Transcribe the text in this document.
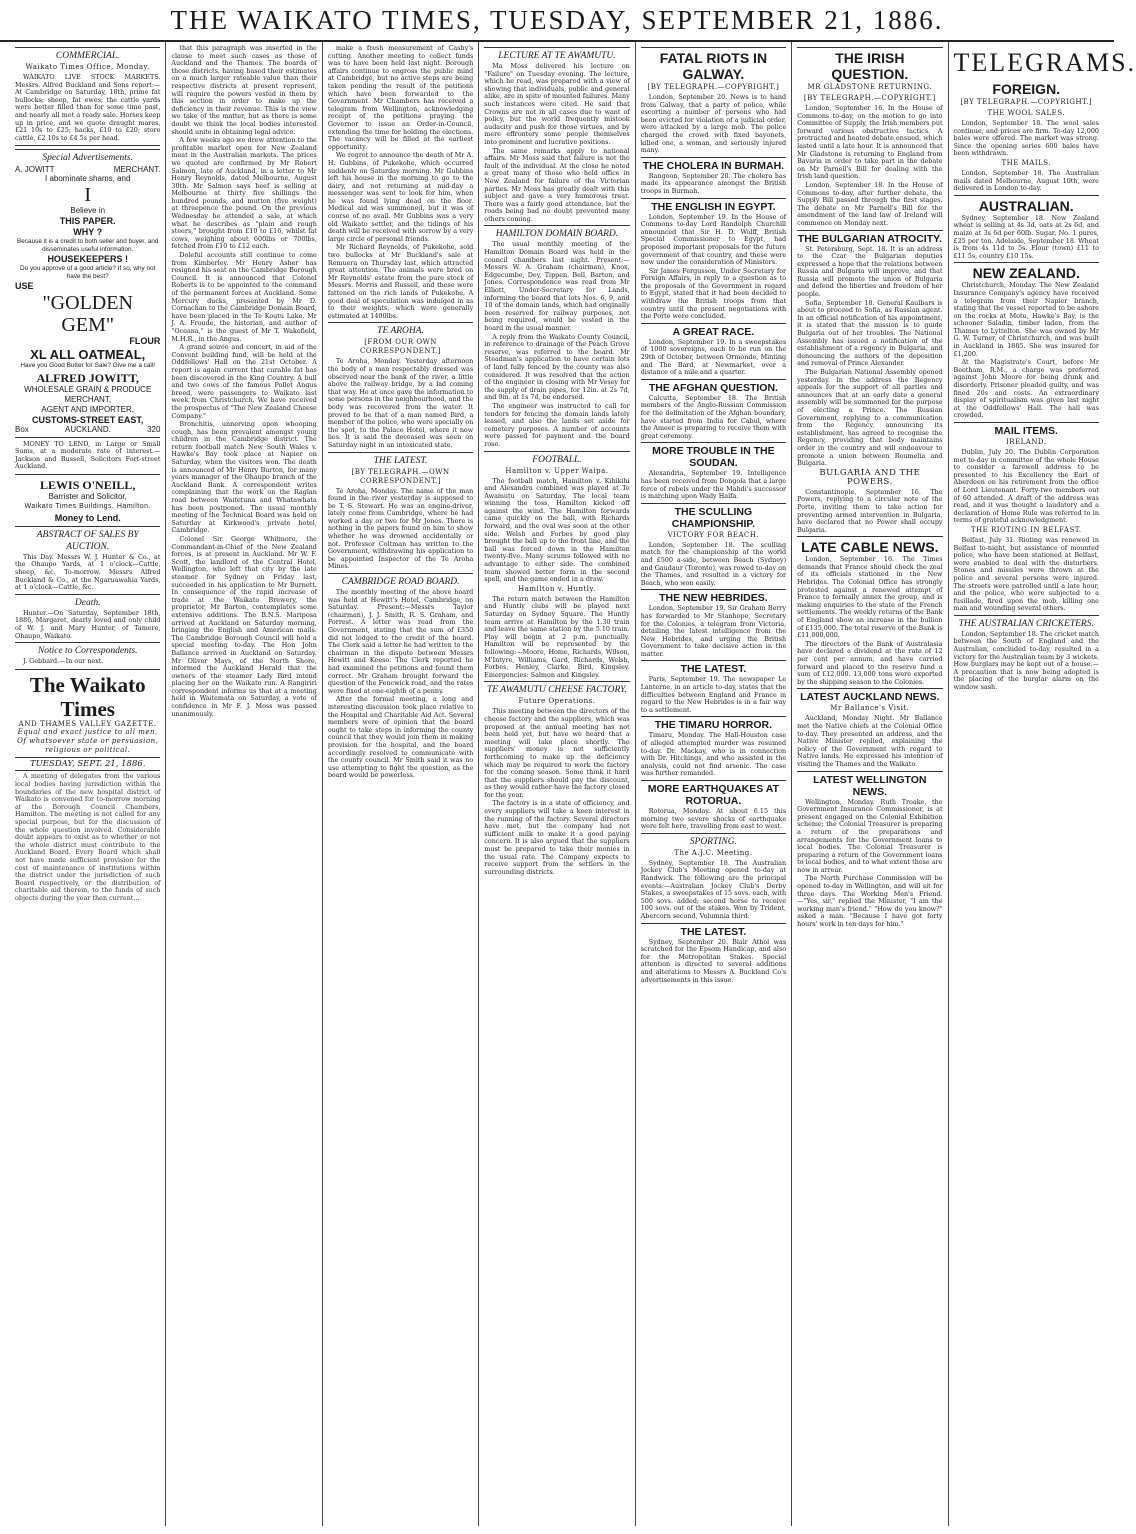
THE WAIKATO TIMES, TUESDAY, SEPTEMBER 21, 1886.
COMMERCIAL.
Waikato Times Office, Monday.
WAIKATO LIVE STOCK MARKETS. Messrs. Alfred Buckland and Sons report:—At Cambridge on Saturday, 18th, prime fat bullocks; sheep, fat ewes; the cattle yards were better filled than for some time past, and nearly all met a ready sale. Horses keep up in price, and we quote draught mares, £21 10s to £25; hacks, £10 to £20; store cattle, £2 10s to £4 5s per head.
Special Advertisements.
A. JOWITT	MERCHANT.
I abominate shams, and
I
Believe in
THIS PAPER.
WHY ?
Because it is a credit to both seller and buyer, and disseminates useful information.
HOUSEKEEPERS !
Do you approve of a good article? If so, why not have the best?
USE
"GOLDEN GEM"
FLOUR
XL ALL OATMEAL,
Have you Good Butter for Sale? Give me a call!
ALFRED JOWITT,
WHOLESALE GRAIN & PRODUCE MERCHANT,
AGENT AND IMPORTER,
CUSTOMS-STREET EAST,
Box	AUCKLAND.	320
MONEY TO LEND, in Large or Small Sums, at a moderate rate of interest.—Jackson and Russell, Solicitors Fort-street Auckland.
LEWIS O'NEILL,
Barrister and Solicitor,
Waikato Times Buildings, Hamilton.
Money to Lend.
ABSTRACT OF SALES BY AUCTION.
This Day. Messrs W. J. Hunter & Co., at the Ohaupo Yards, at 1 o'clock—Cattle, sheep, &c. To-morrow. Messrs Alfred Buckland & Co., at the Ngaruawahia Yards, at 1 o'clock—Cattle, &c.
Death.
Hunter.—On Saturday, September 18th, 1886, Margaret, dearly loved and only child of W. J. and Mary Hunter, of Tamere, Ohaupo, Waikato.
Notice to Correspondents.
J. Gebbard.—In our next.
The Waikato Times
AND THAMES VALLEY GAZETTE.
Equal and exact justice to all men, Of whatsoever state or persuasion, religious or political.
TUESDAY, SEPT. 21, 1886.
A meeting of delegates from the various local bodies having jurisdiction within the boundaries of the new hospital district of Waikato is convened for to-morrow morning at the Borough Council Chambers, Hamilton. The meeting is not called for any special purpose, but for the discussion of the whole question involved. Considerable doubt appears to exist as to whether or not the whole district must contribute to the Auckland Board. Every Board which shall not have made sufficient provision for the cost of maintenance of institutions within the district under the jurisdiction of such Board respectively, or the distribution of charitable aid therein, to the funds of such objects during the year then current...
that this paragraph was inserted in the clause to meet such cases as those of Auckland and the Thames. The boards of those districts, having based their estimates on a much larger rateable value than their respective districts at present represent, will require the powers vested in them by this section in order to make up the deficiency in their revenue. This is the view we take of the matter, but as there is some doubt we think the local bodies interested should unite in obtaining legal advice.
A few weeks ago we drew attention to the profitable market open for New Zealand meat in the Australian markets. The prices we quoted are confirmed by Mr Robert Salmon, late of Auckland, in a letter to Mr Henry Reynolds, dated Melbourne, August 30th. Mr Salmon says beef is selling at Melbourne at thirty five shillings the hundred pounds, and mutton (five weight) at threepence the pound. On the previous Wednesday he attended a sale, at which what he describes as "plain and rough steers," brought from £10 to £16, whilst fat cows, weighing about 600lbs or 700lbs, fetched from £10 to £12 each.
Doleful accounts still continue to come from Kimberley. Mr Henry Asher has resigned his seat on the Cambridge Borough Council. It is announced that Colonel Roberts is to be appointed to the command of the permanent forces at Auckland. Some Mercury ducks, presented by Mr D. Cornachan to the Cambridge Domain Board, have been placed in the Te Koutu Lake. Mr J. A. Froude, the historian, and author of "Oceana," is the guest of Mr T. Wakefield, M.H.R., in the Angus.
A grand soirée and concert, in aid of the Convent building fund, will be held at the Oddfellows' Hall on the 21st October. A report is again current that curable fat has been discovered in the King Country. A bull and two cows of the famous Pollet Angus breed, were passengers to Waikato last week from Christchurch. We have received the prospectus of "The New Zealand Cheese Company."
Bronchitis, unnerving upon whooping cough, has been prevalent amongst young children in the Cambridge district. The return football match New South Wales v. Hawke's Bay took place at Napier on Saturday, when the visitors won. The death is announced of Mr Henry Burton, for many years manager of the Ohaupo branch of the Auckland Bank. A correspondent writes complaining that the work on the Raglan road between Waitetuna and Whatawhata has been postponed. The usual monthly meeting of the Technical Board was held on Saturday at Kirkwood's private hotel, Cambridge.
Colonel Sir George Whitmore, the Commandant-in-Chief of the New Zealand forces, is at present in Auckland. Mr W. F. Scott, the landlord of the Central Hotel, Wellington, who left that city by the late steamer for Sydney on Friday last, succeeded in his application to Mr Burnett. In consequence of the rapid increase of trade at the Waikato Brewery, the proprietor, Mr Barton, contemplates some extensive additions. The B.N.S. Mariposa arrived at Auckland on Saturday morning, bringing the English and American mails. The Cambridge Borough Council will hold a special meeting to-day. The Hon John Ballance arrived in Auckland on Saturday. Mr Oliver Mays, of the North Shore, informed the Auckland Herald that the owners of the steamer Lady Bird intend placing her on the Waikato run. A Rangiriri correspondent informs us that at a meeting held in Waitemata on Saturday, a vote of confidence in Mr F. J. Moss was passed unanimously.
make a fresh measurement of Cashy's cutting. Another meeting to collect funds was to have been held last night. Borough affairs continue to engross the public mind at Cambridge, but no active steps are being taken pending the result of the petitions which have been forwarded to the Government. Mr Chambers has received a telegram from Wellington, acknowledging receipt of the petitions praying the Governor to issue an Order-in-Council, extending the time for holding the elections. The vacancy will be filled at the earliest opportunity.
We regret to announce the death of Mr A. H. Gubbins, of Pukekohe, which occurred suddenly on Saturday morning. Mr Gubbins left his house in the morning to go to the dairy, and not returning at mid-day a messenger was sent to look for him, when he was found lying dead on the floor. Medical aid was summoned, but it was of course of no avail. Mr Gubbins was a very old Waikato settler, and the tidings of his death will be received with sorrow by a very large circle of personal friends.
Mr Richard Reynolds, of Pukekohe, sold two bullocks at Mr Buckland's sale at Remuera on Thursday last, which attracted great attention. The animals were bred on Mr Reynolds' estate from the pure stock of Messrs. Morris and Russell, and these were fattened on the rich lands of Pukekohe. A good deal of speculation was indulged in as to their weights, which were generally estimated at 1400lbs.
TE AROHA.
[FROM OUR OWN CORRESPONDENT.]
Te Aroha, Monday. Yesterday afternoon the body of a man respectably dressed was observed near the bank of the river, a little above the railway bridge, by a lad coming that way. He at once gave the information to some persons in the neighbourhood, and the body was recovered from the water. It proved to be that of a man named Bird, a member of the police, who were specially on the spot, to the Palace Hotel, where it now lies. It is said the deceased was seen on Saturday night in an intoxicated state.
THE LATEST.
[BY TELEGRAPH.—OWN CORRESPONDENT.]
Te Aroha, Monday. The name of the man found in the river yesterday is supposed to be T. S. Stewart. He was an engine-driver, lately come from Cambridge, where he had worked a day or two for Mr Jones. There is nothing in the papers found on him to show whether he was drowned accidentally or not. Professor Coltman has written to the Government, withdrawing his application to be appointed Inspector of the Te Aroha Mines.
CAMBRIDGE ROAD BOARD.
The monthly meeting of the above board was held at Hewitt's Hotel, Cambridge, on Saturday. Present:—Messrs Taylor (chairman), J. J. Smith, R. S. Graham, and Forrest. A letter was read from the Government, stating that the sum of £350 did not lodged to the credit of the board. The Clerk said a letter he had written to the chairman in the dispute between Messrs Hewitt and Keeso. The Clerk reported he had examined the petitions and found them correct. Mr Graham brought forward the question of the Fencwick road, and the rates were fixed at one-eighth of a penny.
After the formal meeting, a long and interesting discussion took place relative to the Hospital and Charitable Aid Act. Several members were of opinion that the board ought to take steps in informing the county council that they would join them in making provision for the hospital, and the board accordingly resolved to communicate with the county council. Mr Smith said it was no use attempting to fight the question, as the board would be powerless.
LECTURE AT TE AWAMUTU.
Ma Moss delivered his lecture on "Failure" on Tuesday evening. The lecture, which he read, was prepared with a view of showing that individuals, public and general alike, are in spite of mounted failures. Many such instances were cited. He said that Crowns are not in all cases due to want of policy, but the world frequently mistook audacity and push for those virtues, and by mere effrontery some people themselves into prominent and lucrative positions.
The same remarks apply to national affairs. Mr Moss said that failure is not the fault of the individual. At the close he noted a great many of those who held office in New Zealand for failure of the Victorian parties. Mr Moss has greatly dealt with this subject and gave a very humorous treat. There was a fairly good attendance, but the roads being bad no doubt prevented many others coming.
HAMILTON DOMAIN BOARD.
The usual monthly meeting of the Hamilton Domain Board was held in the council chambers last night. Present:—Messrs W. A. Graham (chairman), Knox, Edgecumbe, Dey, Tippen, Bell, Barton, and Jones. Correspondence was read from Mr Elliott, Under-Secretary for Lands, informing the board that lots Nos. 6, 9, and 10 of the domain lands, which had originally been reserved for railway purposes, not being required, would be vested in the board in the usual manner.
A reply from the Waikato County Council, in reference to drainage of the Peach Grove reserve, was referred to the board. Mr Steadman's application to have certain lots of land fully fenced by the county was also considered. It was resolved that the action of the engineer in closing with Mr Vesey for the supply of drain pipes, for 12in. at 2s 7d, and 9in. at 1s 7d, be endorsed.
The engineer was instructed to call for tenders for fencing the domain lands lately leased, and also the lands set aside for cemetery purposes. A number of accounts were passed for payment and the board rose.
FOOTBALL.
Hamilton v. Upper Waipa.
The football match, Hamilton v. Kihikihi and Alexandra combined was played at Te Awamutu on Saturday. The local team winning the toss, Hamilton kicked off against the wind. The Hamilton forwards came quickly on the ball, with Richards forward, and the oval was soon at the other side. Welsh and Forbes by good play brought the ball up to the front line, and the ball was forced down in the Hamilton twenty-five. Many scrums followed with no advantage to either side. The combined team showed better form in the second spell, and the game ended in a draw.
Hamilton v. Huntly.
The return match between the Hamilton and Huntly clubs will be played next Saturday on Sydney Square. The Huntly team arrive at Hamilton by the 1.30 train and leave the same station by the 5.10 train. Play will begin at 2 p.m. punctually. Hamilton will be represented by the following:—Moore, Home, Richards, Wilson, M'Intyre, Williams, Gard, Richards, Welsh, Forbes, Henley, Clarke, Bird, Kingsley. Emergencies: Salmon and Kingsley.
TE AWAMUTU CHEESE FACTORY.
Future Operations.
This meeting between the directors of the cheese factory and the suppliers, which was proposed at the annual meeting has not been held yet, but have we heard that a meeting will take place shortly. The suppliers' money is not sufficiently forthcoming to make up the deficiency which may be required to work the factory for the coming season. Some think it hard that the suppliers should pay the discount, as they would rather have the factory closed for the year.
The factory is in a state of efficiency, and every suppliers will take a keen interest in the running of the factory. Several directors have met, but the company had not sufficient milk to make it a good paying concern. It is also argued that the suppliers must be prepared to take their monies in the usual rate. The Company expects to receive support from the settlers in the surrounding districts.
FATAL RIOTS IN GALWAY.
[BY TELEGRAPH.—COPYRIGHT.]
London, September 20. News is to hand from Galway, that a party of police, while escorting a number of persons who had been evicted for violation of a judicial order, were attacked by a large mob. The police charged the crowd with fixed bayonets, killed one, a woman, and seriously injured many.
THE CHOLERA IN BURMAH.
Rangoon, September 20. The cholera has made its appearance amongst the British troops in Burmah.
THE ENGLISH IN EGYPT.
London, September 19. In the House of Commons to-day Lord Randolph Churchill announced that Sir H. D. Wolff, British Special Commissioner to Egypt, had proposed important proposals for the future government of that country, and these were now under the consideration of Ministers.
Sir James Fergusson, Under Secretary for Foreign Affairs, in reply to a question as to the proposals of the Government in regard to Egypt, stated that it had been decided to withdraw the British troops from that country until the present negotiations with the Porte were concluded.
A GREAT RACE.
London, September 19. In a sweepstakes of 1000 sovereigns, each to be run on the 29th of October, between Ormonde, Minting and The Bard, at Newmarket, over a distance of a mile and a quarter.
THE AFGHAN QUESTION.
Calcutta, September 18. The British members of the Anglo-Russian Commission for the delimitation of the Afghan boundary, have started from India for Cabul, where the Ameer is preparing to receive them with great ceremony.
MORE TROUBLE IN THE SOUDAN.
Alexandria, September 19. Intelligence has been received from Dongola that a large force of rebels under the Mahdi's successor is marching upon Wady Halfa.
THE SCULLING CHAMPIONSHIP.
VICTORY FOR BEACH.
London, September 18. The sculling match for the championship of the world and £500 a-side, between Beach (Sydney) and Gaudaur (Toronto), was rowed to-day on the Thames, and resulted in a victory for Beach, who won easily.
THE NEW HEBRIDES.
London, September 19. Sir Graham Berry has forwarded to Mr Stanhope, Secretary for the Colonies, a telegram from Victoria, detailing the latest intelligence from the New Hebrides, and urging the British Government to take decisive action in the matter.
THE LATEST.
Paris, September 19. The newspaper Le Lanterne, in an article to-day, states that the difficulties between England and France in regard to the New Hebrides is in a fair way to a settlement.
THE TIMARU HORROR.
Timaru, Monday. The Hall-Houston case of alleged attempted murder was resumed to-day. Dr. Mackay, who is in connection with Dr. Hitchings, and who assisted in the analysis, could not find arsenic. The case was further remanded.
MORE EARTHQUAKES AT ROTORUA.
Rotorua, Monday. At about 6.15 this morning two severe shocks of earthquake were felt here, travelling from east to west.
SPORTING.
The A.J.C. Meeting.
Sydney, September 18. The Australian Jockey Club's Meeting opened to-day at Randwick. The following are the principal events:—Australian Jockey Club's Derby Stakes, a sweepstakes of 15 sovs. each, with 500 sovs. added; second horse to receive 100 sovs. out of the stakes. Won by Trident, Abercorn second, Volumnia third.
THE LATEST.
Sydney, September 20. Blair Athol was scratched for the Epsom Handicap, and also for the Metropolitan Stakes. Special attention is directed to several additions and alterations to Messrs A. Buckland Co's advertisements in this issue.
THE IRISH QUESTION.
MR GLADSTONE RETURNING.
[BY TELEGRAPH.—COPYRIGHT.]
London, September 16. In the House of Commons to-day, on the motion to go into Committee of Supply, the Irish members put forward various obstructive tactics. A protracted and heated debate ensued, which lasted until a late hour. It is announced that Mr Gladstone is returning to England from Bavaria in order to take part in the debate on Mr Parnell's Bill for dealing with the Irish land question.
London, September 18. In the House of Commons to-day, after further debate, the Supply Bill passed through the first stages. The debate on Mr Parnell's Bill for the amendment of the land law of Ireland will commence on Monday next.
THE BULGARIAN ATROCITY.
St. Petersburg, Sept. 18. It is an address to the Czar the Bulgarian deputies expressed a hope that the relations between Russia and Bulgaria will improve, and that Russia will promote the union of Bulgaria and defend the liberties and freedom of her people.
Sofia, September 18. General Kaulbars is about to proceed to Sofia, as Russian agent. In an official notification of his appointment, it is stated that the mission is to guide Bulgaria out of her troubles. The National Assembly has issued a notification of the establishment of a regency in Bulgaria, and denouncing the authors of the deposition and removal of Prince Alexander.
The Bulgarian National Assembly opened yesterday. In the address the Regency appeals for the support of all parties and announces that at an early date a general assembly will be summoned for the purpose of electing a Prince. The Russian Government, replying to a communication from the Regency, announcing its establishment, has agreed to recognise the Regency, providing that body maintains order in the country and will endeavour to promote a union between Roumelia and Bulgaria.
BULGARIA AND THE POWERS.
Constantinople, September 16. The Powers, replying to a circular note of the Porte, inviting them to take action for preventing armed intervention in Bulgaria, have declared that no Power shall occupy Bulgaria.
LATE CABLE NEWS.
London, September 16. The Times demands that France should check the zeal of its officials stationed in the New Hebrides. The Colonial Office has strongly protested against a renewed attempt of France to formally annex the group, and is making enquiries to the state of the French settlements. The weekly returns of the Bank of England show an increase in the bullion of £135,000. The total reserve of the Bank is £11,000,000.
The directors of the Bank of Australasia have declared a dividend at the rate of 12 per cent per annum, and have carried forward and placed to the reserve fund a sum of £12,000. 13,000 tons were exported by the shipping season to the Colonies.
LATEST AUCKLAND NEWS.
Mr Ballance's Visit.
Auckland, Monday Night. Mr Ballance met the Native chiefs at the Colonial Office to-day. They presented an address, and the Native Minister replied, explaining the policy of the Government with regard to Native lands. He expressed his intention of visiting the Thames and the Waikato.
LATEST WELLINGTON NEWS.
Wellington, Monday. Ruth Troake, the Government Insurance Commissioner, is at present engaged on the Colonial Exhibition scheme; the Colonial Treasurer is preparing a return of the preparations and arrangements for the Government loans to local bodies. The Colonial Treasurer is preparing a return of the Government loans to local bodies, and to what extent these are now in arrear.
The North Purchase Commission will be opened to-day in Wellington, and will sit for three days. The Working Men's Friend.—"Yes, sir," replied the Minister, "I am the working man's friend." "How do you know?" asked a man. "Because I have got forty hours' work in ten days for him."
TELEGRAMS.
FOREIGN.
[BY TELEGRAPH.—COPYRIGHT.]
THE WOOL SALES.
London, September 18. The wool sales continue, and prices are firm. To-day 12,000 bales were offered. The market was strong. Since the opening series 600 bales have been withdrawn.
THE MAILS.
London, September 18. The Australian mails dated Melbourne, August 10th, were delivered in London to-day.
AUSTRALIAN.
Sydney, September 18. New Zealand wheat is selling at 4s 3d, oats at 2s 6d, and maize at 3s 6d per 60lb. Sugar, No. 1 pures, £25 per ton. Adelaide, September 18. Wheat is from 4s 11d to 5s. Flour (town) £11 to £11 5s, country £10 15s.
NEW ZEALAND.
Christchurch, Monday. The New Zealand Insurance Company's agency have received a telegram from their Napier branch, stating that the vessel reported to be ashore on the rocks at Motu, Hawke's Bay, is the schooner Saladin, timber laden, from the Thames to Lyttelton. She was owned by Mr G. W. Turner, of Christchurch, and was built in Auckland in 1885. She was insured for £1,200.
At the Magistrate's Court, before Mr Beetham, R.M., a charge was preferred against John Moore for being drunk and disorderly. Prisoner pleaded guilty, and was fined 20s and costs. An extraordinary display of spiritualism was given last night at the Oddfellows' Hall. The hall was crowded.
MAIL ITEMS.
IRELAND.
Dublin, July 20. The Dublin Corporation met to-day in committee of the whole House to consider a farewell address to be presented to his Excellency the Earl of Aberdeen on his retirement from the office of Lord Lieutenant. Forty-two members out of 60 attended. A draft of the address was read, and it was thought a laudatory and a declaration of Home Rule was referred to in terms of grateful acknowledgment.
THE RIOTING IN BELFAST.
Belfast, July 31. Rioting was renewed in Belfast to-night, but assistance of mounted police, who have been stationed at Belfast, were enabled to deal with the disturbers. Stones and missiles were thrown at the police and several persons were injured. The streets were patrolled until a late hour, and the police, who were subjected to a fusillade, fired upon the mob, killing one man and wounding several others.
THE AUSTRALIAN CRICKETERS.
London, September 18. The cricket match between the South of England and the Australian, concluded to-day, resulted in a victory for the Australian team by 3 wickets. How burglars may be kept out of a house.—A precaution that is now being adopted is the placing of the burglar alarm on the window sash.
